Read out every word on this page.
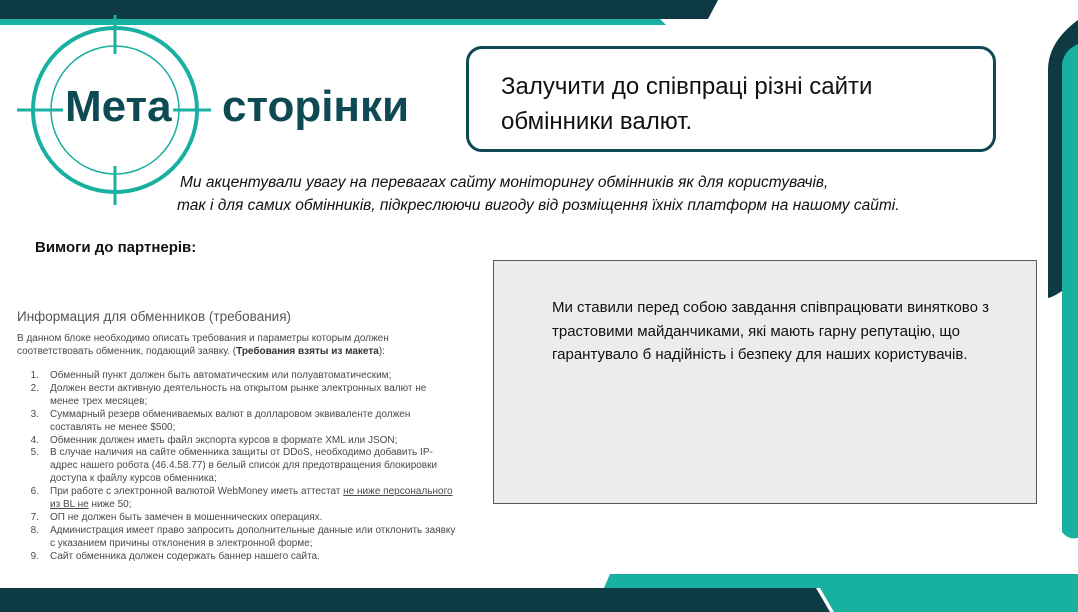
Мета сторінки	Залучити до співпраці різні сайти обмінники валют.
Ми акцентували увагу на перевагах сайту моніторингу обмінників як для користувачів,
так і для самих обмінників, підкреслюючи вигоду від розміщення їхніх платформ на нашому сайті.
Вимоги до партнерів:
Информация для обменников (требования)
В данном блоке необходимо описать требования и параметры которым должен соответствовать обменник, подающий заявку. (Требования взяты из макета):
1.	Обменный пункт должен быть автоматическим или полуавтоматическим;
2.	Должен вести активную деятельность на открытом рынке электронных валют не менее трех месяцев;
3.	Суммарный резерв обмениваемых валют в долларовом эквиваленте должен составлять не менее $500;
4.	Обменник должен иметь файл экспорта курсов в формате XML или JSON;
5.	В случае наличия на сайте обменника защиты от DDoS, необходимо добавить IP-адрес нашего робота (46.4.58.77) в белый список для предотвращения блокировки доступа к файлу курсов обменника;
6.	При работе с электронной валютой WebMoney иметь аттестат не ниже персонального из BL не ниже 50;
7.	ОП не должен быть замечен в мошеннических операциях.
8.	Администрация имеет право запросить дополнительные данные или отклонить заявку с указанием причины отклонения в электронной форме;
9.	Сайт обменника должен содержать баннер нашего сайта.
Ми ставили перед собою завдання співпрацювати винятково з трастовими майданчиками, які мають гарну репутацію, що гарантувало б надійність і безпеку для наших користувачів.
